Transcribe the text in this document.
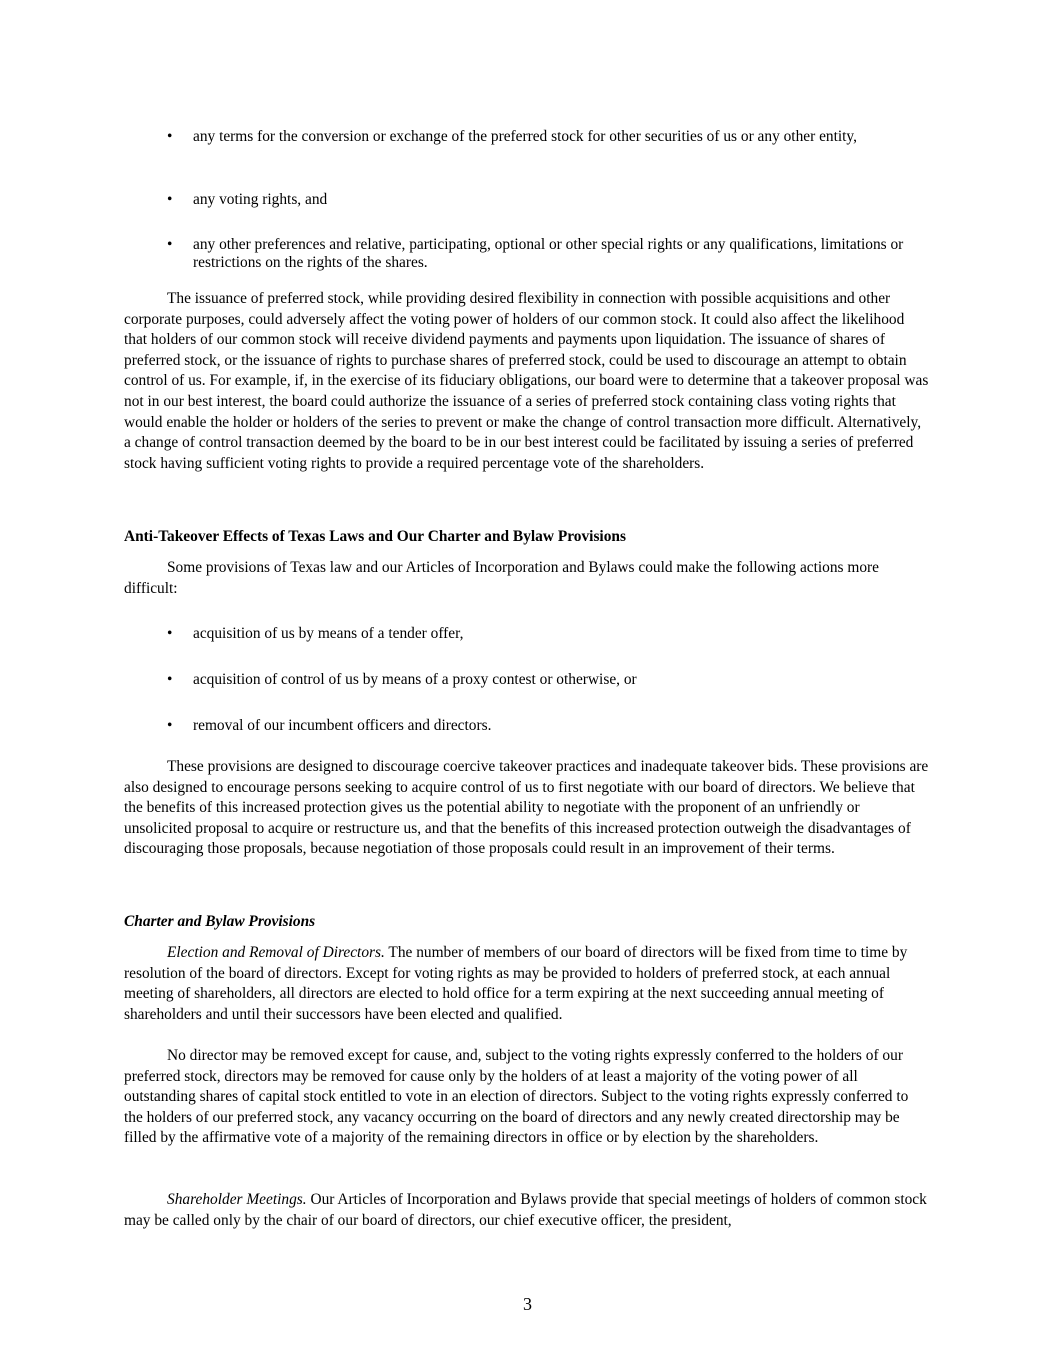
•	any terms for the conversion or exchange of the preferred stock for other securities of us or any other entity,
•	any voting rights, and
•	any other preferences and relative, participating, optional or other special rights or any qualifications, limitations or restrictions on the rights of the shares.

The issuance of preferred stock, while providing desired flexibility in connection with possible acquisitions and other corporate purposes, could adversely affect the voting power of holders of our common stock. It could also affect the likelihood that holders of our common stock will receive dividend payments and payments upon liquidation. The issuance of shares of preferred stock, or the issuance of rights to purchase shares of preferred stock, could be used to discourage an attempt to obtain control of us. For example, if, in the exercise of its fiduciary obligations, our board were to determine that a takeover proposal was not in our best interest, the board could authorize the issuance of a series of preferred stock containing class voting rights that would enable the holder or holders of the series to prevent or make the change of control transaction more difficult. Alternatively, a change of control transaction deemed by the board to be in our best interest could be facilitated by issuing a series of preferred stock having sufficient voting rights to provide a required percentage vote of the shareholders.

Anti-Takeover Effects of Texas Laws and Our Charter and Bylaw Provisions

Some provisions of Texas law and our Articles of Incorporation and Bylaws could make the following actions more difficult:

•	acquisition of us by means of a tender offer,
•	acquisition of control of us by means of a proxy contest or otherwise, or
•	removal of our incumbent officers and directors.

These provisions are designed to discourage coercive takeover practices and inadequate takeover bids. These provisions are also designed to encourage persons seeking to acquire control of us to first negotiate with our board of directors. We believe that the benefits of this increased protection gives us the potential ability to negotiate with the proponent of an unfriendly or unsolicited proposal to acquire or restructure us, and that the benefits of this increased protection outweigh the disadvantages of discouraging those proposals, because negotiation of those proposals could result in an improvement of their terms.

Charter and Bylaw Provisions

Election and Removal of Directors. The number of members of our board of directors will be fixed from time to time by resolution of the board of directors. Except for voting rights as may be provided to holders of preferred stock, at each annual meeting of shareholders, all directors are elected to hold office for a term expiring at the next succeeding annual meeting of shareholders and until their successors have been elected and qualified.

No director may be removed except for cause, and, subject to the voting rights expressly conferred to the holders of our preferred stock, directors may be removed for cause only by the holders of at least a majority of the voting power of all outstanding shares of capital stock entitled to vote in an election of directors. Subject to the voting rights expressly conferred to the holders of our preferred stock, any vacancy occurring on the board of directors and any newly created directorship may be filled by the affirmative vote of a majority of the remaining directors in office or by election by the shareholders.

Shareholder Meetings. Our Articles of Incorporation and Bylaws provide that special meetings of holders of common stock may be called only by the chair of our board of directors, our chief executive officer, the president,

3
